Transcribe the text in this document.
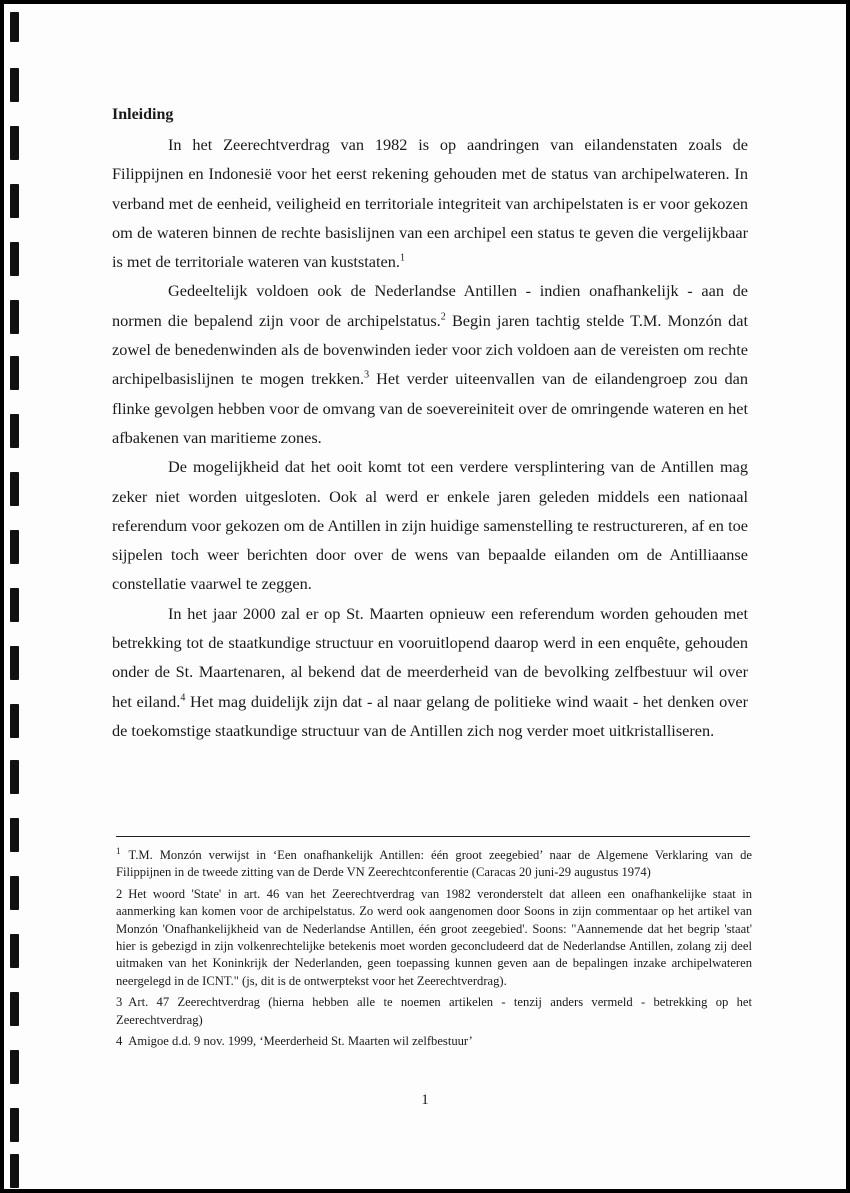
Inleiding

In het Zeerechtverdrag van 1982 is op aandringen van eilandenstaten zoals de Filippijnen en Indonesië voor het eerst rekening gehouden met de status van archipelwateren. In verband met de eenheid, veiligheid en territoriale integriteit van archipelstaten is er voor gekozen om de wateren binnen de rechte basislijnen van een archipel een status te geven die vergelijkbaar is met de territoriale wateren van kuststaten.$^1$

Gedeeltelijk voldoen ook de Nederlandse Antillen - indien onafhankelijk - aan de normen die bepalend zijn voor de archipelstatus.$^2$ Begin jaren tachtig stelde T.M. Monzón dat zowel de benedenwinden als de bovenwinden ieder voor zich voldoen aan de vereisten om rechte archipelbasislijnen te mogen trekken.$^3$ Het verder uiteenvallen van de eilandengroep zou dan flinke gevolgen hebben voor de omvang van de soevereiniteit over de omringende wateren en het afbakenen van maritieme zones.

De mogelijkheid dat het ooit komt tot een verdere versplintering van de Antillen mag zeker niet worden uitgesloten. Ook al werd er enkele jaren geleden middels een nationaal referendum voor gekozen om de Antillen in zijn huidige samenstelling te restructureren, af en toe sijpelen toch weer berichten door over de wens van bepaalde eilanden om de Antilliaanse constellatie vaarwel te zeggen.

In het jaar 2000 zal er op St. Maarten opnieuw een referendum worden gehouden met betrekking tot de staatkundige structuur en vooruitlopend daarop werd in een enquête, gehouden onder de St. Maartenaren, al bekend dat de meerderheid van de bevolking zelfbestuur wil over het eiland.$^4$ Het mag duidelijk zijn dat - al naar gelang de politieke wind waait - het denken over de toekomstige staatkundige structuur van de Antillen zich nog verder moet uitkristalliseren.

$^1$ T.M. Monzón verwijst in ‘Een onafhankelijk Antillen: één groot zeegebied’ naar de Algemene Verklaring van de Filippijnen in de tweede zitting van de Derde VN Zeerechtconferentie (Caracas 20 juni-29 augustus 1974)

2 Het woord 'State' in art. 46 van het Zeerechtverdrag van 1982 veronderstelt dat alleen een onafhankelijke staat in aanmerking kan komen voor de archipelstatus. Zo werd ook aangenomen door Soons in zijn commentaar op het artikel van Monzón 'Onafhankelijkheid van de Nederlandse Antillen, één groot zeegebied'. Soons: "Aannemende dat het begrip 'staat' hier is gebezigd in zijn volkenrechtelijke betekenis moet worden geconcludeerd dat de Nederlandse Antillen, zolang zij deel uitmaken van het Koninkrijk der Nederlanden, geen toepassing kunnen geven aan de bepalingen inzake archipelwateren neergelegd in de ICNT." (js, dit is de ontwerptekst voor het Zeerechtverdrag).

3 Art. 47 Zeerechtverdrag (hierna hebben alle te noemen artikelen - tenzij anders vermeld - betrekking op het Zeerechtverdrag)

4 Amigoe d.d. 9 nov. 1999, ‘Meerderheid St. Maarten wil zelfbestuur’

1
